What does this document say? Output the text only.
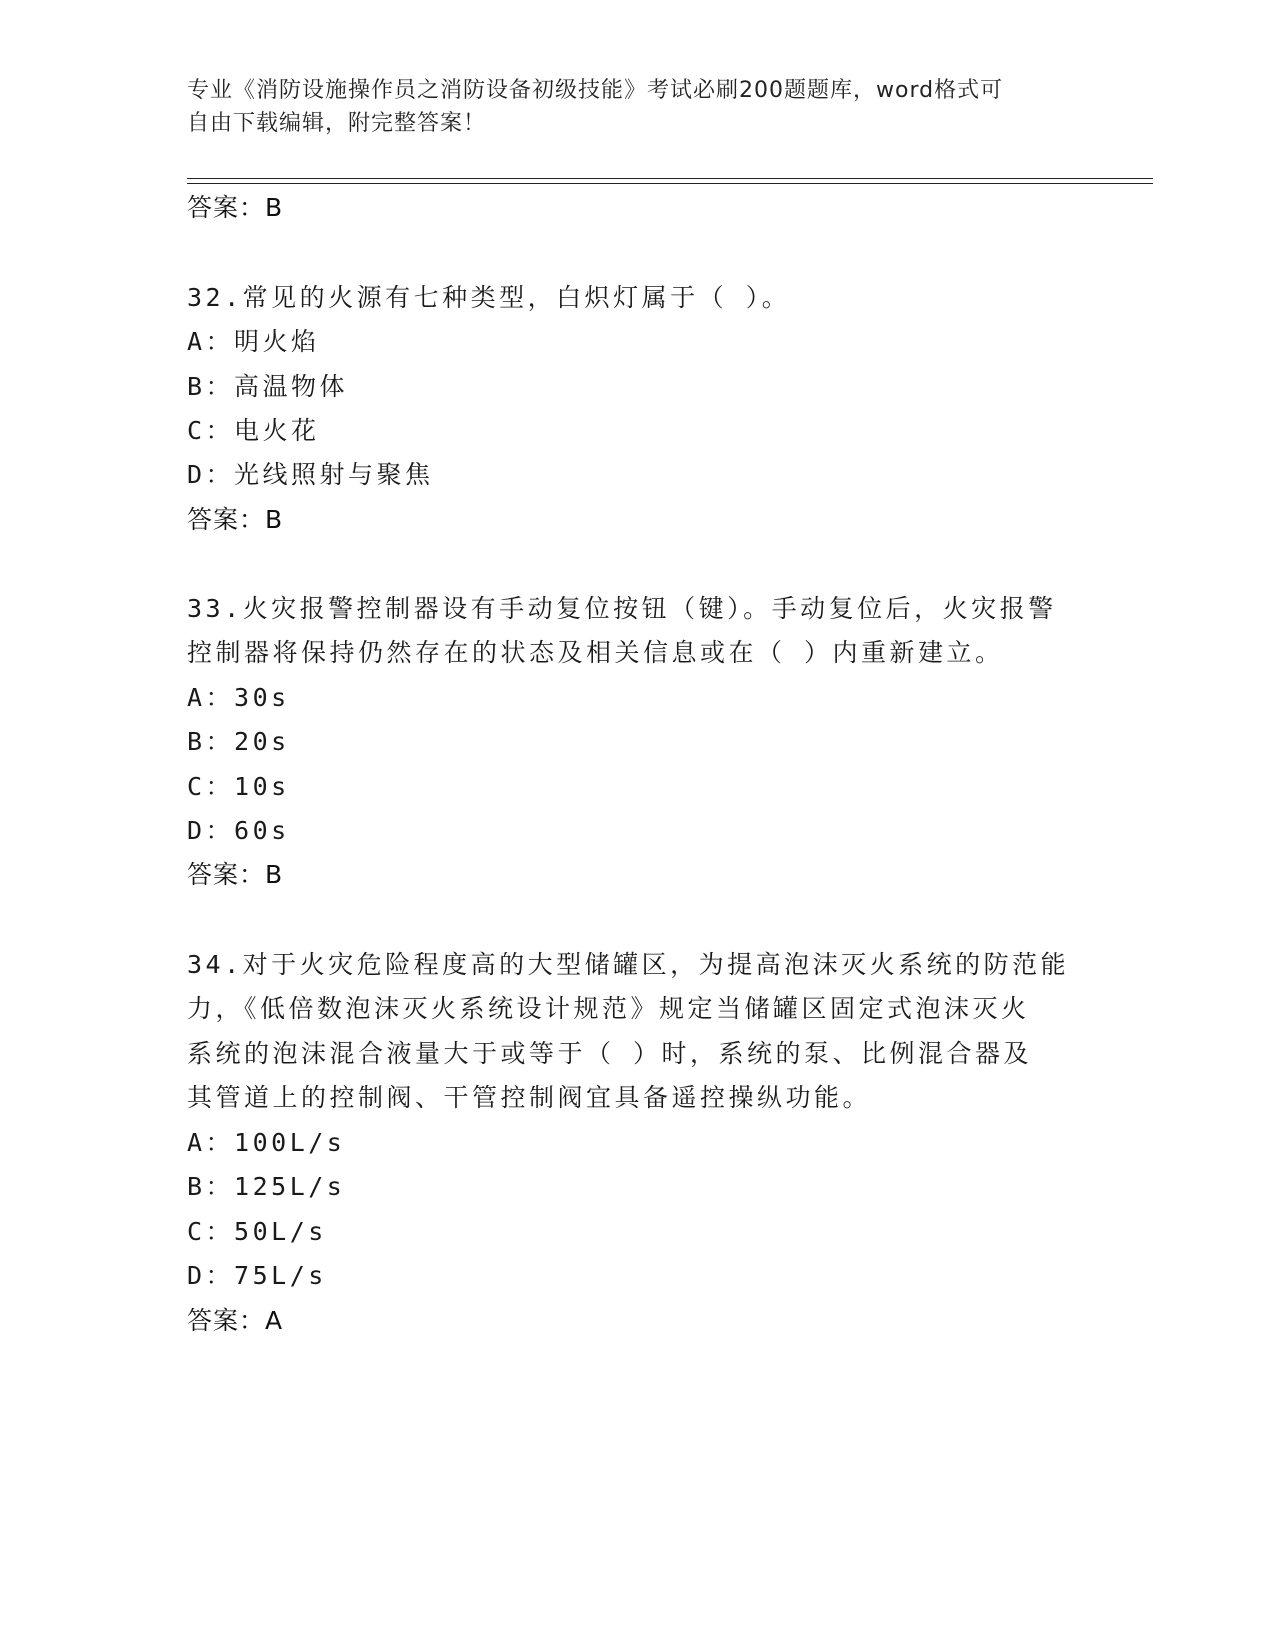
专业《消防设施操作员之消防设备初级技能》考试必刷200题题库，word格式可
自由下载编辑，附完整答案！
答案：B
32.常见的火源有七种类型，白炽灯属于（ ）。
A：明火焰
B：高温物体
C：电火花
D：光线照射与聚焦
答案：B
33.火灾报警控制器设有手动复位按钮（键）。手动复位后，火灾报警
控制器将保持仍然存在的状态及相关信息或在（ ）内重新建立。
A：30s
B：20s
C：10s
D：60s
答案：B
34.对于火灾危险程度高的大型储罐区，为提高泡沫灭火系统的防范能
力，《低倍数泡沫灭火系统设计规范》规定当储罐区固定式泡沫灭火
系统的泡沫混合液量大于或等于（ ）时，系统的泵、比例混合器及
其管道上的控制阀、干管控制阀宜具备遥控操纵功能。
A：100L/s
B：125L/s
C：50L/s
D：75L/s
答案：A
